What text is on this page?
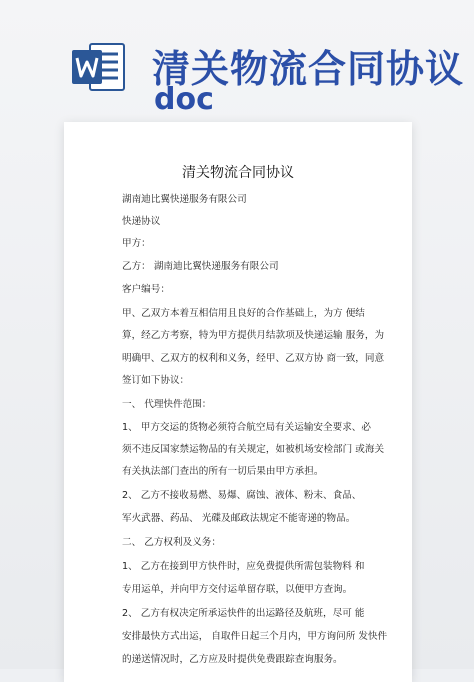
清关物流合同协议
doc
清关物流合同协议
湖南迪比翼快递服务有限公司
快递协议
甲方：
乙方： 湖南迪比翼快递服务有限公司
客户编号：
甲、乙双方本着互相信用且良好的合作基础上，为方 便结
算，经乙方考察，特为甲方提供月结款项及快递运输 服务，为
明确甲、乙双方的权利和义务，经甲、乙双方协 商一致，同意
签订如下协议：
一、 代理快件范围：
1、 甲方交运的货物必须符合航空局有关运输安全要求、必
须不违反国家禁运物品的有关规定，如被机场安检部门 或海关
有关执法部门查出的所有一切后果由甲方承担。
2、 乙方不接收易燃、易爆、腐蚀、液体、粉末、食品、
军火武器、药品、 光碟及邮政法规定不能寄递的物品。
二、 乙方权利及义务：
1、 乙方在接到甲方快件时，应免费提供所需包装物料 和
专用运单，并向甲方交付运单留存联，以便甲方查询。
2、 乙方有权决定所承运快件的出运路径及航班，尽可 能
安排最快方式出运， 自取件日起三个月内，甲方询问所 发快件
的递送情况时，乙方应及时提供免费跟踪查询服务。
